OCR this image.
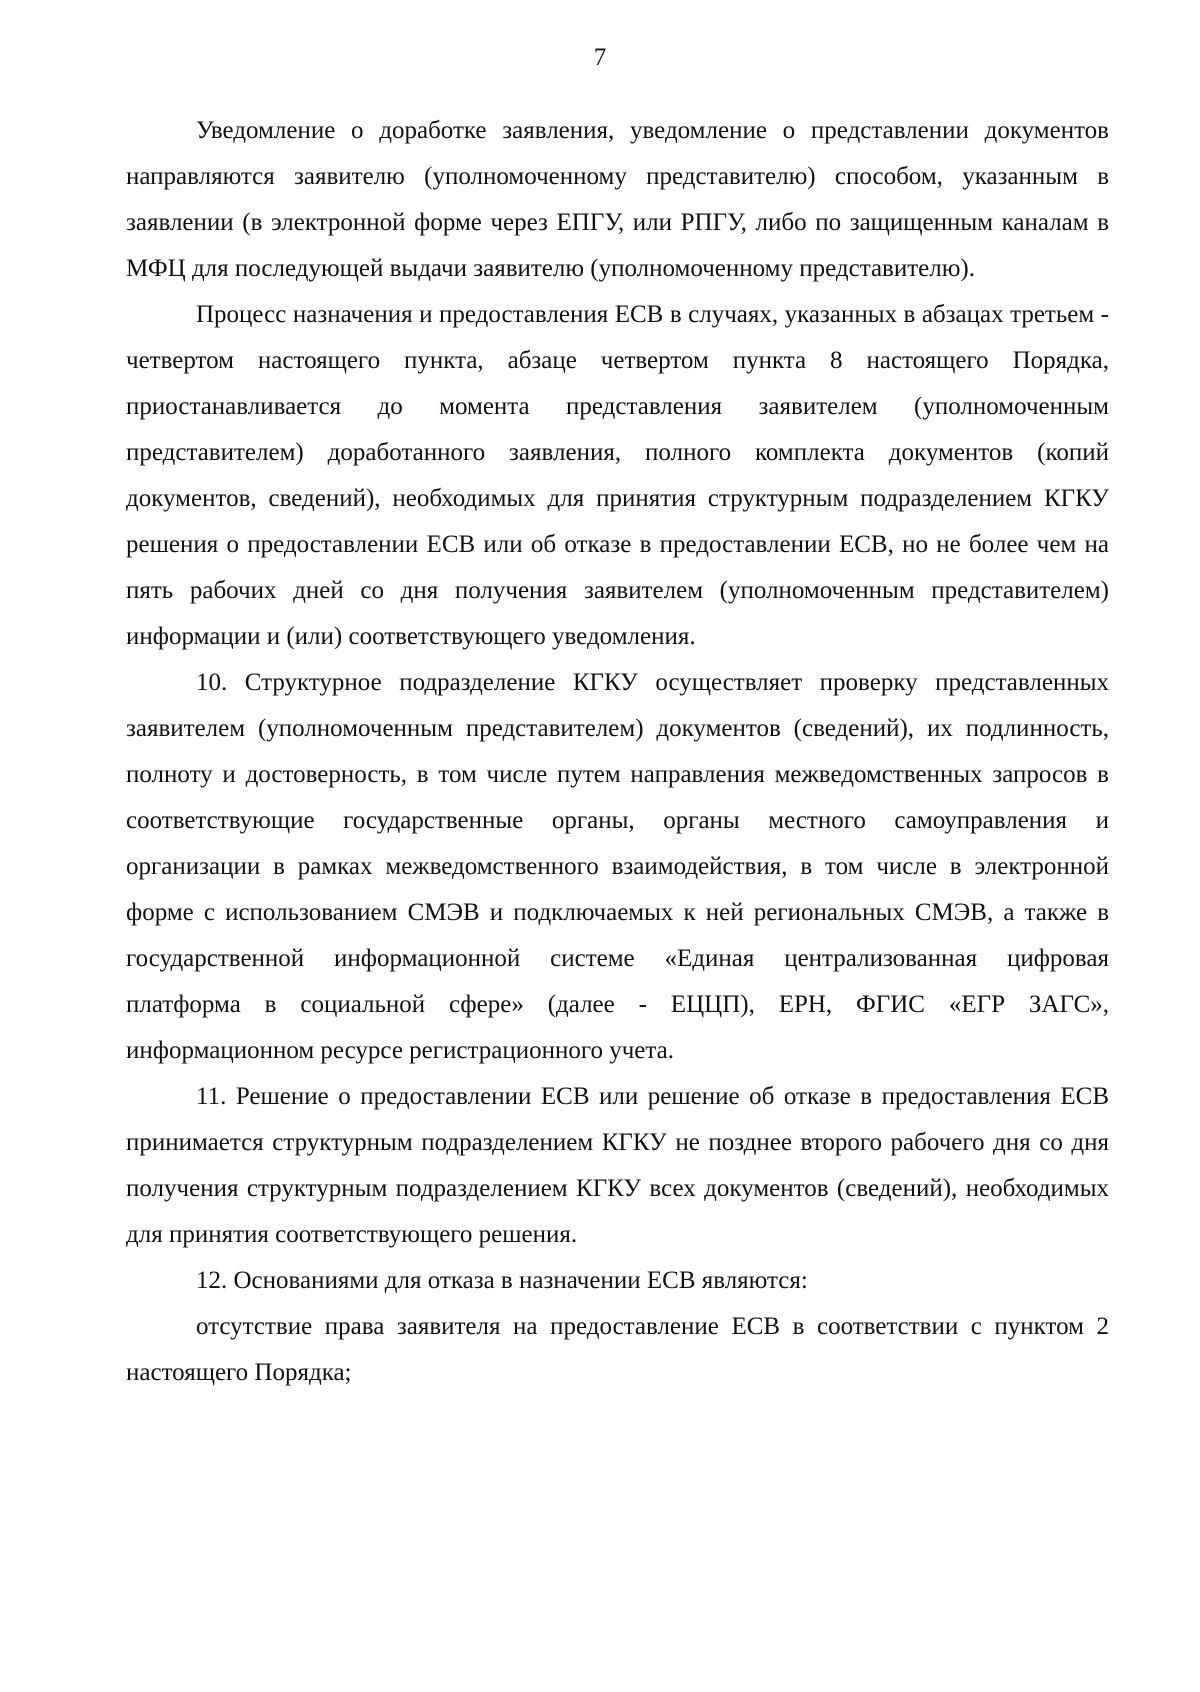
7

Уведомление о доработке заявления, уведомление о представлении документов направляются заявителю (уполномоченному представителю) способом, указанным в заявлении (в электронной форме через ЕПГУ, или РПГУ, либо по защищенным каналам в МФЦ для последующей выдачи заявителю (уполномоченному представителю).

Процесс назначения и предоставления ЕСВ в случаях, указанных в абзацах третьем - четвертом настоящего пункта, абзаце четвертом пункта 8 настоящего Порядка, приостанавливается до момента представления заявителем (уполномоченным представителем) доработанного заявления, полного комплекта документов (копий документов, сведений), необходимых для принятия структурным подразделением КГКУ решения о предоставлении ЕСВ или об отказе в предоставлении ЕСВ, но не более чем на пять рабочих дней со дня получения заявителем (уполномоченным представителем) информации и (или) соответствующего уведомления.

10. Структурное подразделение КГКУ осуществляет проверку представленных заявителем (уполномоченным представителем) документов (сведений), их подлинность, полноту и достоверность, в том числе путем направления межведомственных запросов в соответствующие государственные органы, органы местного самоуправления и организации в рамках межведомственного взаимодействия, в том числе в электронной форме с использованием СМЭВ и подключаемых к ней региональных СМЭВ, а также в государственной информационной системе «Единая централизованная цифровая платформа в социальной сфере» (далее - ЕЦЦП), ЕРН, ФГИС «ЕГР ЗАГС», информационном ресурсе регистрационного учета.

11. Решение о предоставлении ЕСВ или решение об отказе в предоставления ЕСВ принимается структурным подразделением КГКУ не позднее второго рабочего дня со дня получения структурным подразделением КГКУ всех документов (сведений), необходимых для принятия соответствующего решения.

12. Основаниями для отказа в назначении ЕСВ являются:

отсутствие права заявителя на предоставление ЕСВ в соответствии с пунктом 2 настоящего Порядка;
